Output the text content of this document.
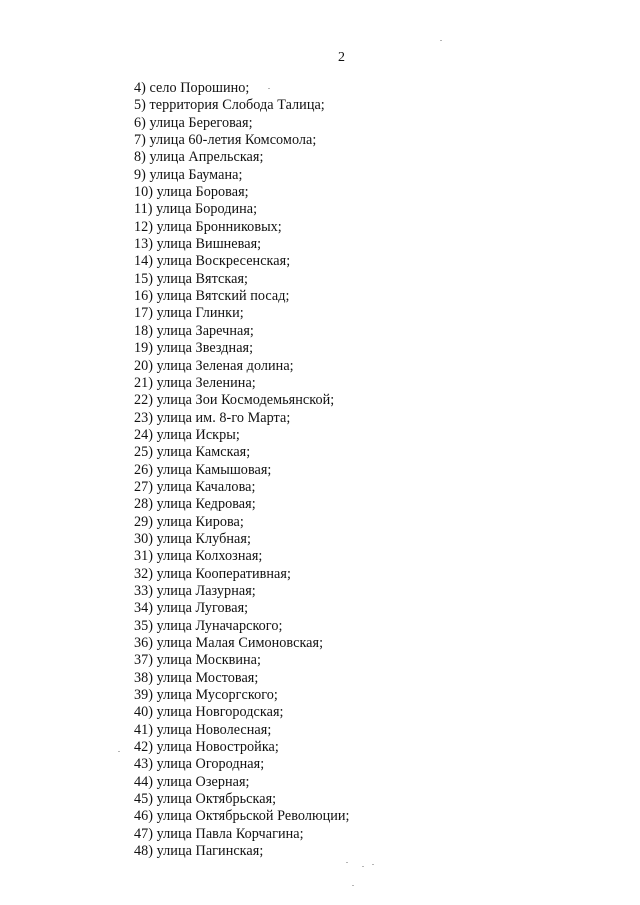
2

4) село Порошино;
5) территория Слобода Талица;
6) улица Береговая;
7) улица 60-летия Комсомола;
8) улица Апрельская;
9) улица Баумана;
10) улица Боровая;
11) улица Бородина;
12) улица Бронниковых;
13) улица Вишневая;
14) улица Воскресенская;
15) улица Вятская;
16) улица Вятский посад;
17) улица Глинки;
18) улица Заречная;
19) улица Звездная;
20) улица Зеленая долина;
21) улица Зеленина;
22) улица Зои Космодемьянской;
23) улица им. 8-го Марта;
24) улица Искры;
25) улица Камская;
26) улица Камышовая;
27) улица Качалова;
28) улица Кедровая;
29) улица Кирова;
30) улица Клубная;
31) улица Колхозная;
32) улица Кооперативная;
33) улица Лазурная;
34) улица Луговая;
35) улица Луначарского;
36) улица Малая Симоновская;
37) улица Москвина;
38) улица Мостовая;
39) улица Мусоргского;
40) улица Новгородская;
41) улица Новолесная;
42) улица Новостройка;
43) улица Огородная;
44) улица Озерная;
45) улица Октябрьская;
46) улица Октябрьской Революции;
47) улица Павла Корчагина;
48) улица Пагинская;
